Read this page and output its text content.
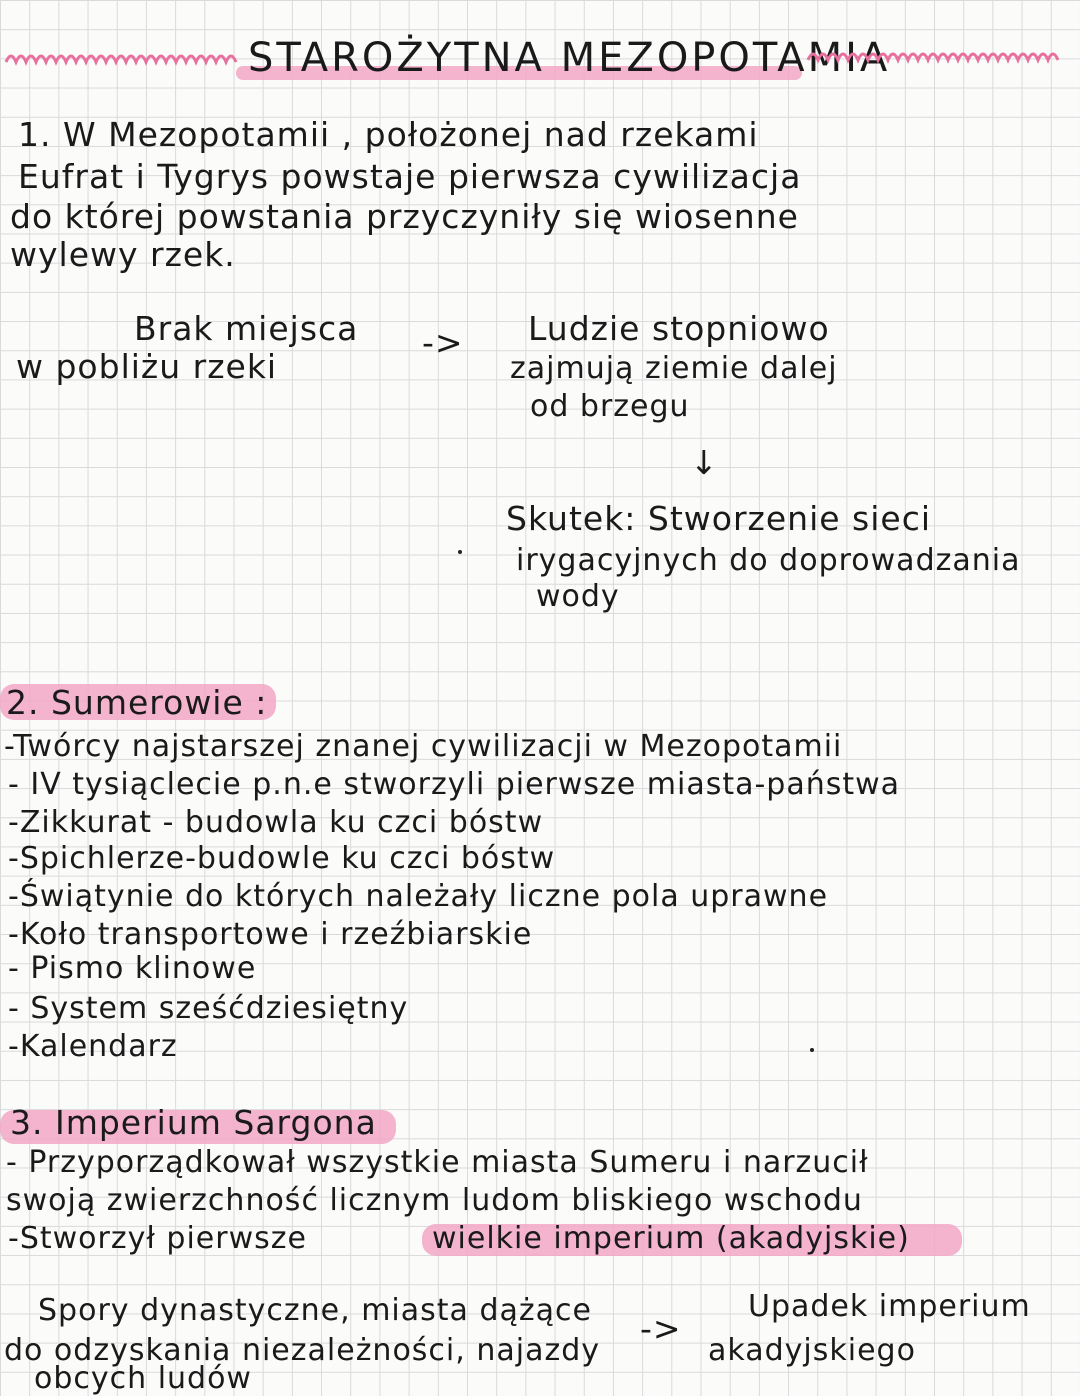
STAROŻYTNA MEZOPOTAMIA
1. W Mezopotamii , położonej nad rzekami
Eufrat i Tygrys powstaje pierwsza cywilizacja
do której powstania przyczyniły się wiosenne
wylewy rzek.
Brak miejsca
w pobliżu rzeki
-> Ludzie stopniowo
zajmują ziemie dalej
od brzegu
↓
Skutek: Stworzenie sieci
irygacyjnych do doprowadzania
wody
2. Sumerowie :
-Twórcy najstarszej znanej cywilizacji w Mezopotamii
- IV tysiąclecie p.n.e stworzyli pierwsze miasta-państwa
-Zikkurat - budowla ku czci bóstw
-Spichlerze-budowle ku czci bóstw
-Świątynie do których należały liczne pola uprawne
-Koło transportowe i rzeźbiarskie
- Pismo klinowe
- System sześćdziesiętny
-Kalendarz
3. Imperium Sargona
- Przyporządkował wszystkie miasta Sumeru i narzucił
swoją zwierzchność licznym ludom bliskiego wschodu
-Stworzył pierwsze	wielkie imperium (akadyjskie)
Spory dynastyczne, miasta dążące
do odzyskania niezależności, najazdy
obcych ludów
->
Upadek imperium
akadyjskiego
